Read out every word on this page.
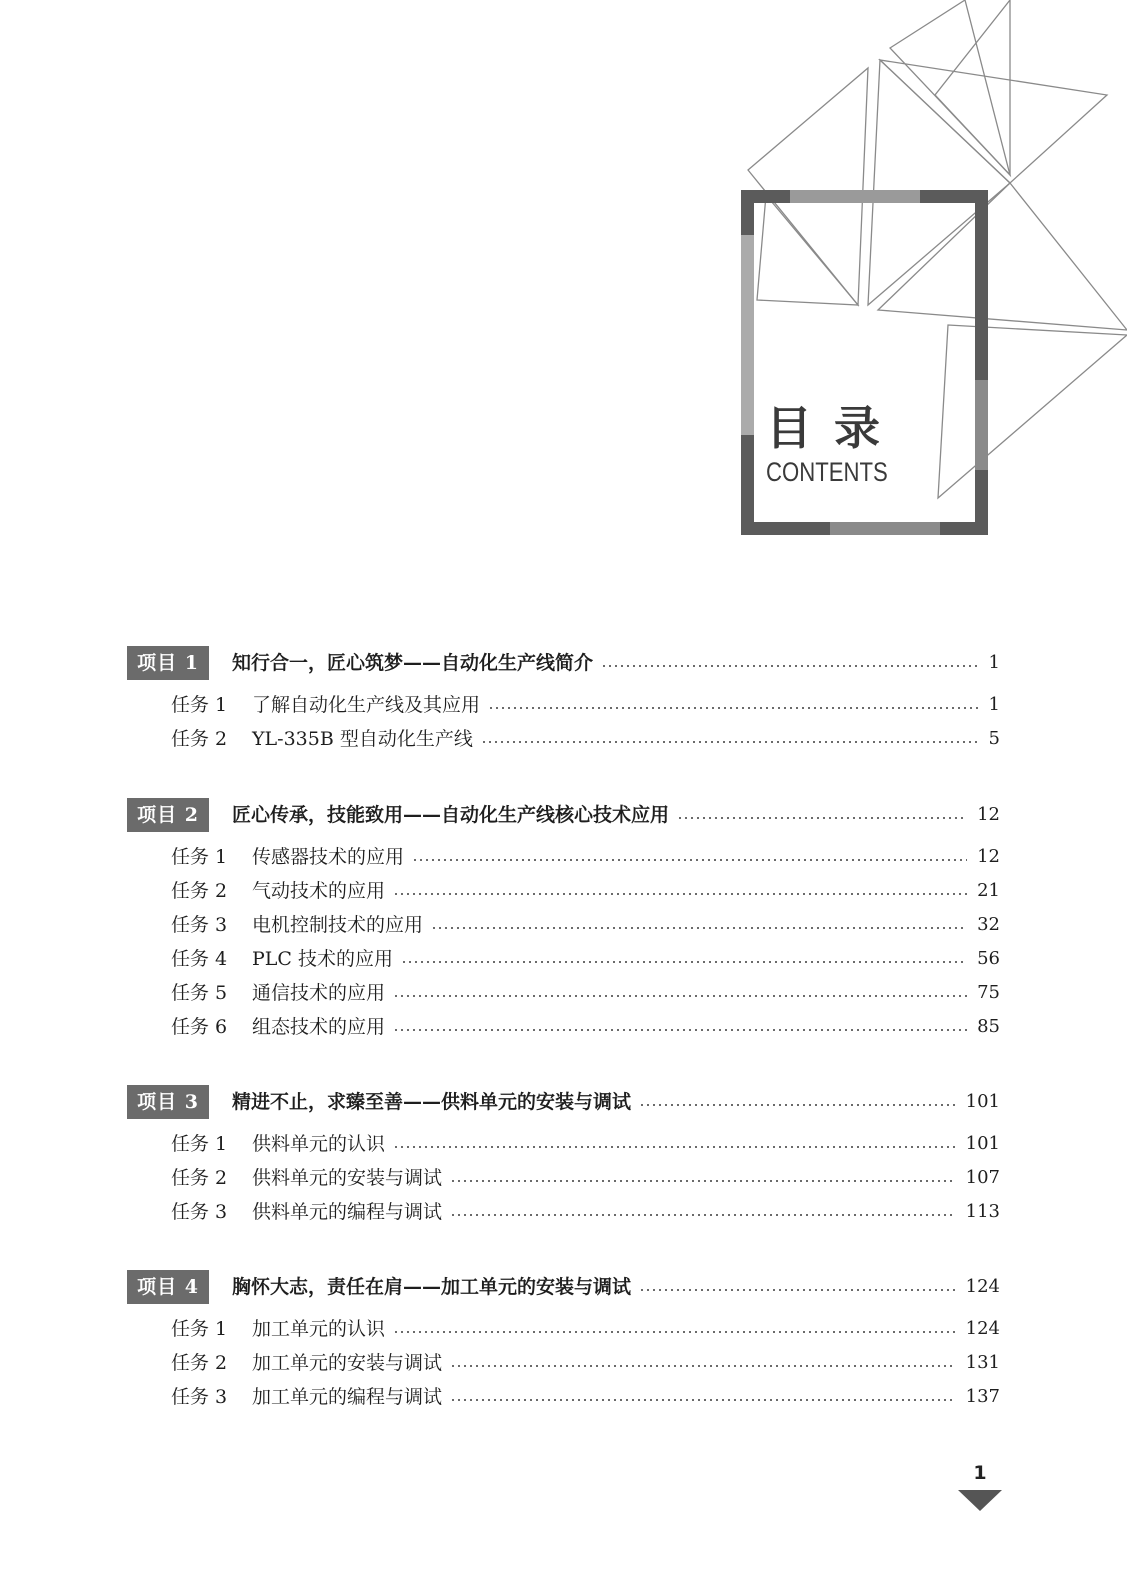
目录
CONTENTS
项目 1	知行合一，匠心筑梦——自动化生产线简介	1
任务 1 了解自动化生产线及其应用	1
任务 2 YL-335B 型自动化生产线	5
项目 2	匠心传承，技能致用——自动化生产线核心技术应用	12
任务 1 传感器技术的应用	12
任务 2 气动技术的应用	21
任务 3 电机控制技术的应用	32
任务 4 PLC 技术的应用	56
任务 5 通信技术的应用	75
任务 6 组态技术的应用	85
项目 3	精进不止，求臻至善——供料单元的安装与调试	101
任务 1 供料单元的认识	101
任务 2 供料单元的安装与调试	107
任务 3 供料单元的编程与调试	113
项目 4	胸怀大志，责任在肩——加工单元的安装与调试	124
任务 1 加工单元的认识	124
任务 2 加工单元的安装与调试	131
任务 3 加工单元的编程与调试	137
1
